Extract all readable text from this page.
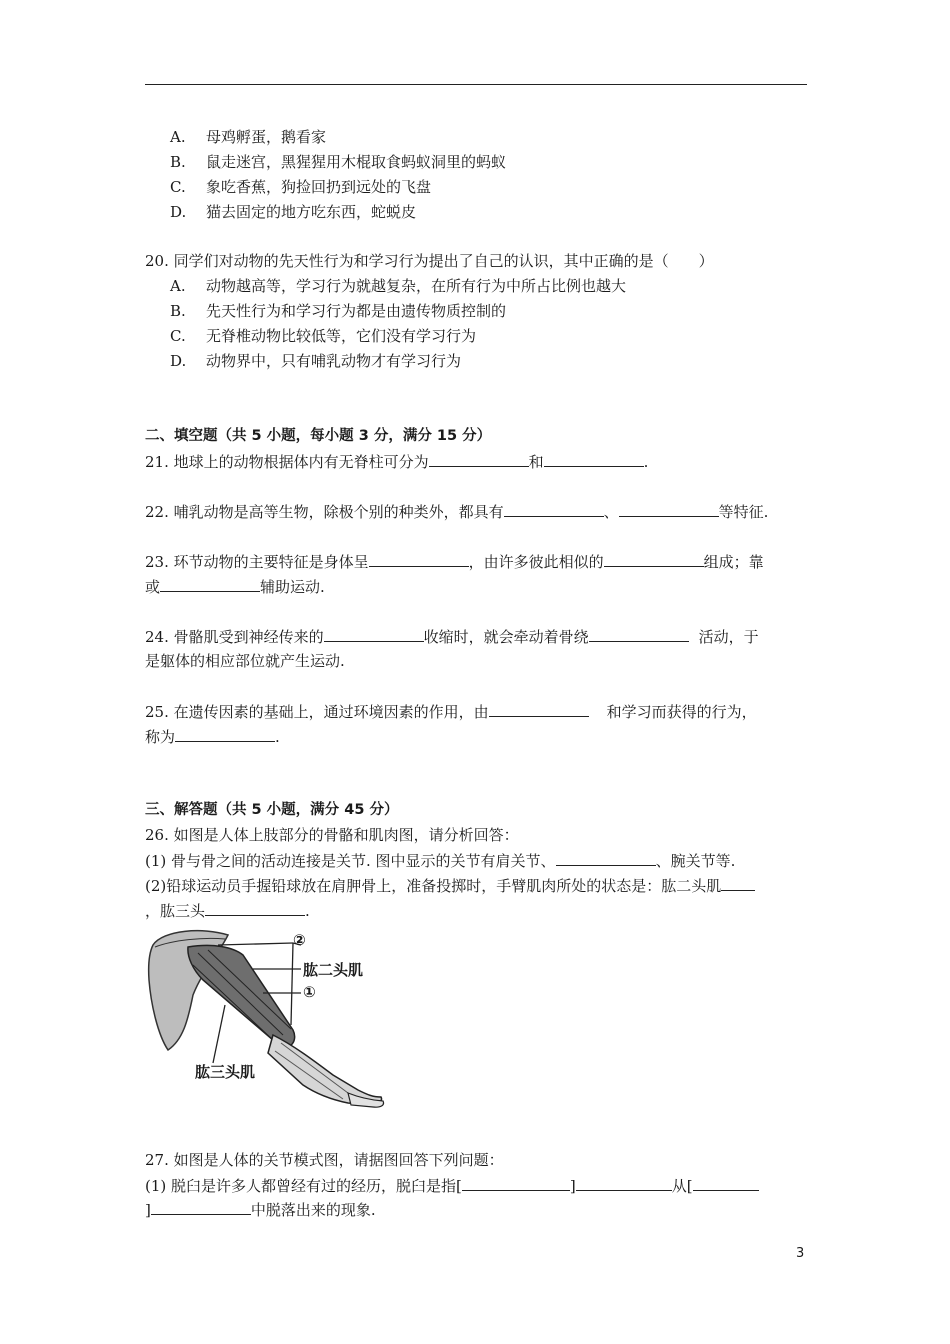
A. 母鸡孵蛋，鹅看家
B. 鼠走迷宫，黑猩猩用木棍取食蚂蚁洞里的蚂蚁
C. 象吃香蕉，狗捡回扔到远处的飞盘
D. 猫去固定的地方吃东西，蛇蜕皮
20. 同学们对动物的先天性行为和学习行为提出了自己的认识，其中正确的是（　　）
A. 动物越高等，学习行为就越复杂，在所有行为中所占比例也越大
B. 先天性行为和学习行为都是由遗传物质控制的
C. 无脊椎动物比较低等，它们没有学习行为
D. 动物界中，只有哺乳动物才有学习行为
二、填空题（共 5 小题，每小题 3 分，满分 15 分）
21. 地球上的动物根据体内有无脊柱可分为	和	.
22. 哺乳动物是高等生物，除极个别的种类外，都具有	、	等特征.
23. 环节动物的主要特征是身体呈	，由许多彼此相似的	组成；靠
或	辅助运动.
24. 骨骼肌受到神经传来的	收缩时，就会牵动着骨绕	活动，于
是躯体的相应部位就产生运动.
25. 在遗传因素的基础上，通过环境因素的作用，由	和学习而获得的行为，
称为	.
三、解答题（共 5 小题，满分 45 分）
26. 如图是人体上肢部分的骨骼和肌肉图，请分析回答：
(1) 骨与骨之间的活动连接是关节. 图中显示的关节有肩关节、	、腕关节等.
(2)铅球运动员手握铅球放在肩胛骨上，准备投掷时，手臂肌肉所处的状态是：肱二头肌
，肱三头	.
②
肱二头肌
①
肱三头肌
27. 如图是人体的关节模式图，请据图回答下列问题：
(1) 脱臼是许多人都曾经有过的经历，脱臼是指[	]	从[
]	中脱落出来的现象.
3
